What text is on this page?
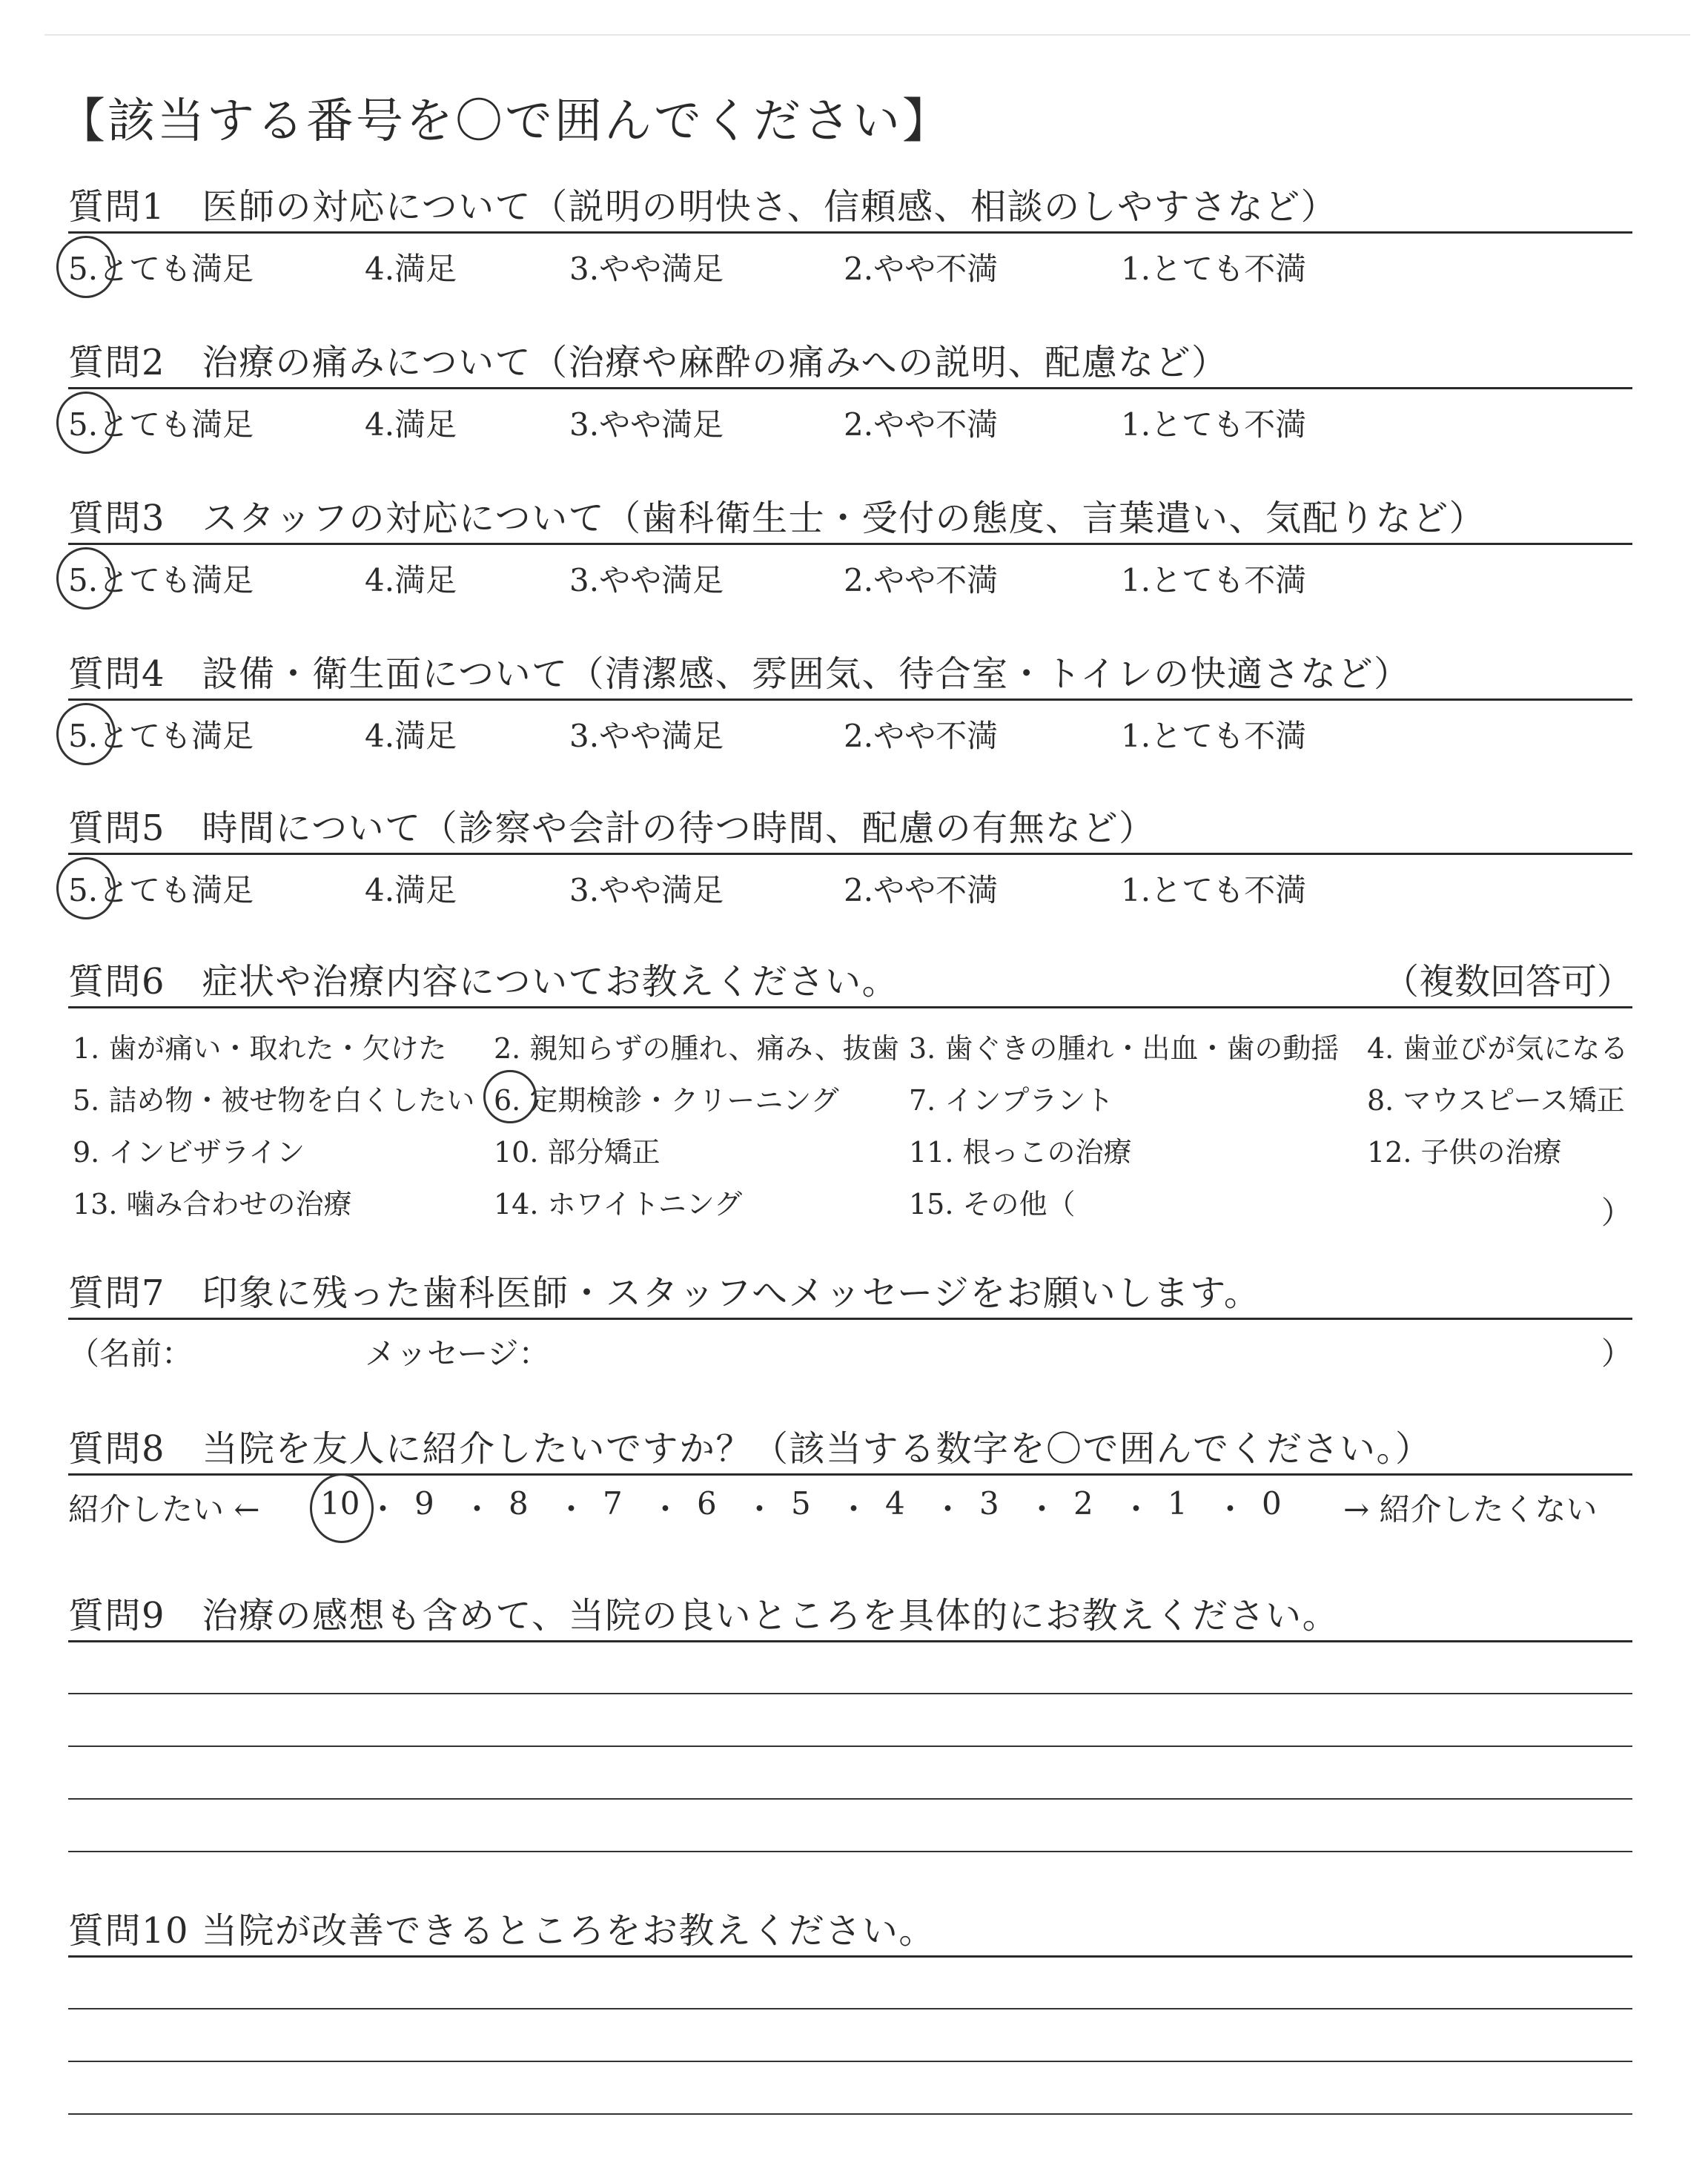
【該当する番号を〇で囲んでください】
質問1　医師の対応について（説明の明快さ、信頼感、相談のしやすさなど）
5.とても満足	4.満足	3.やや満足	2.やや不満	1.とても不満
質問2　治療の痛みについて（治療や麻酔の痛みへの説明、配慮など）
5.とても満足	4.満足	3.やや満足	2.やや不満	1.とても不満
質問3　スタッフの対応について（歯科衛生士・受付の態度、言葉遣い、気配りなど）
5.とても満足	4.満足	3.やや満足	2.やや不満	1.とても不満
質問4　設備・衛生面について（清潔感、雰囲気、待合室・トイレの快適さなど）
5.とても満足	4.満足	3.やや満足	2.やや不満	1.とても不満
質問5　時間について（診察や会計の待つ時間、配慮の有無など）
5.とても満足	4.満足	3.やや満足	2.やや不満	1.とても不満
質問6　症状や治療内容についてお教えください。	（複数回答可）
1. 歯が痛い・取れた・欠けた 2. 親知らずの腫れ、痛み、抜歯 3. 歯ぐきの腫れ・出血・歯の動揺 4. 歯並びが気になる
5. 詰め物・被せ物を白くしたい 6. 定期検診・クリーニング 7. インプラント	8. マウスピース矯正
9. インビザライン	10. 部分矯正	11. 根っこの治療	12. 子供の治療
13. 噛み合わせの治療	14. ホワイトニング	15. その他（	）
質問7　印象に残った歯科医師・スタッフへメッセージをお願いします。
（名前：	メッセージ：	）
質問8　当院を友人に紹介したいですか？（該当する数字を〇で囲んでください。）
紹介したい ← 10 ・ 9 ・ 8 ・ 7 ・ 6 ・ 5 ・ 4 ・ 3 ・ 2 ・ 1 ・ 0 → 紹介したくない
質問9　治療の感想も含めて、当院の良いところを具体的にお教えください。
質問10 当院が改善できるところをお教えください。
